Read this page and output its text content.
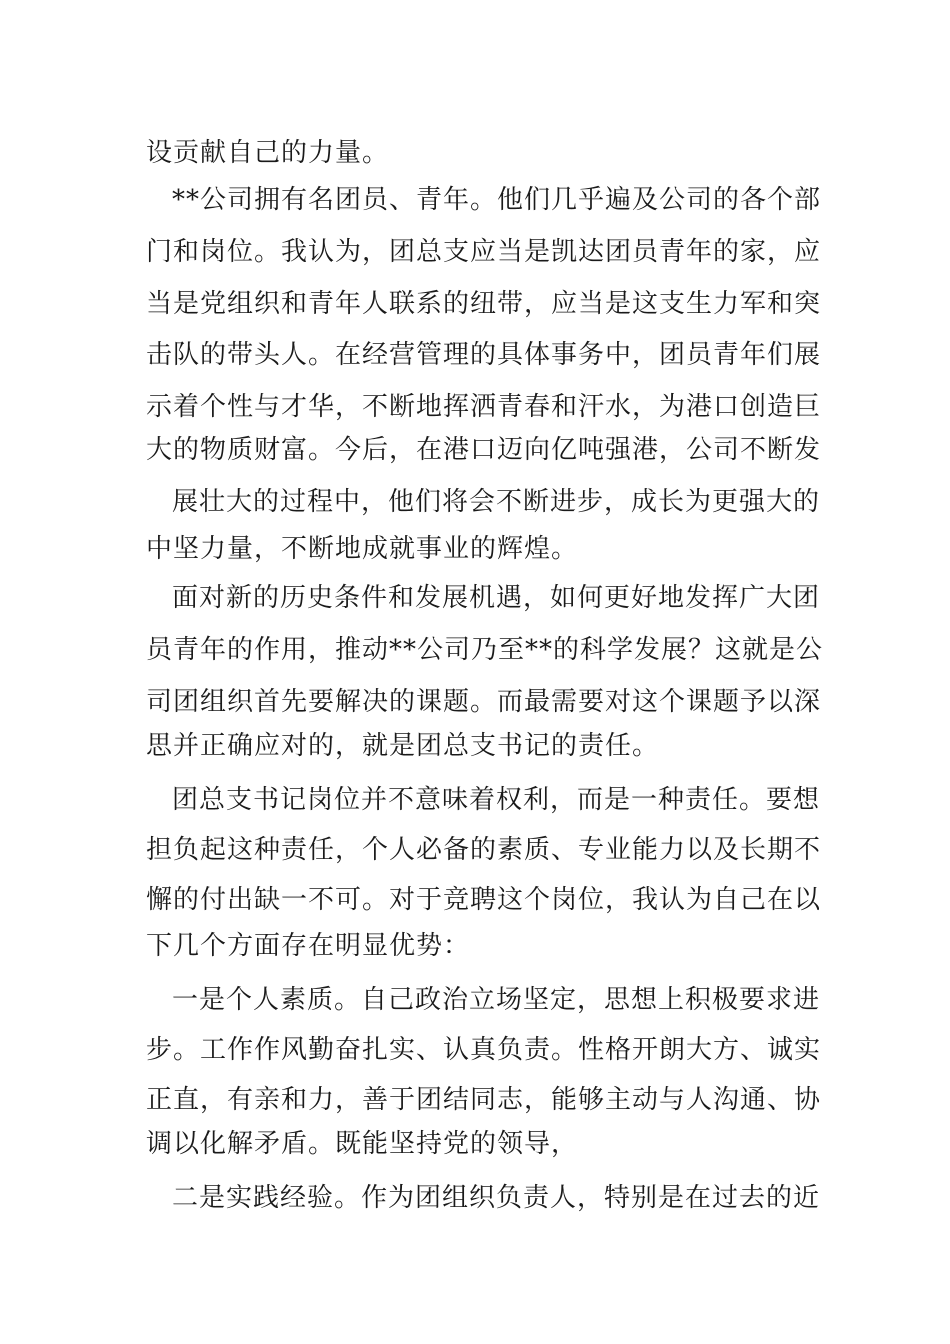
设贡献自己的力量。
**公司拥有名团员、青年。他们几乎遍及公司的各个部
门和岗位。我认为，团总支应当是凯达团员青年的家，应
当是党组织和青年人联系的纽带，应当是这支生力军和突
击队的带头人。在经营管理的具体事务中，团员青年们展
示着个性与才华，不断地挥洒青春和汗水，为港口创造巨
大的物质财富。今后，在港口迈向亿吨强港，公司不断发
展壮大的过程中，他们将会不断进步，成长为更强大的
中坚力量，不断地成就事业的辉煌。
面对新的历史条件和发展机遇，如何更好地发挥广大团
员青年的作用，推动**公司乃至**的科学发展？这就是公
司团组织首先要解决的课题。而最需要对这个课题予以深
思并正确应对的，就是团总支书记的责任。
团总支书记岗位并不意味着权利，而是一种责任。要想
担负起这种责任，个人必备的素质、专业能力以及长期不
懈的付出缺一不可。对于竞聘这个岗位，我认为自己在以
下几个方面存在明显优势：
一是个人素质。自己政治立场坚定，思想上积极要求进
步。工作作风勤奋扎实、认真负责。性格开朗大方、诚实
正直，有亲和力，善于团结同志，能够主动与人沟通、协
调以化解矛盾。既能坚持党的领导，
二是实践经验。作为团组织负责人，特别是在过去的近
